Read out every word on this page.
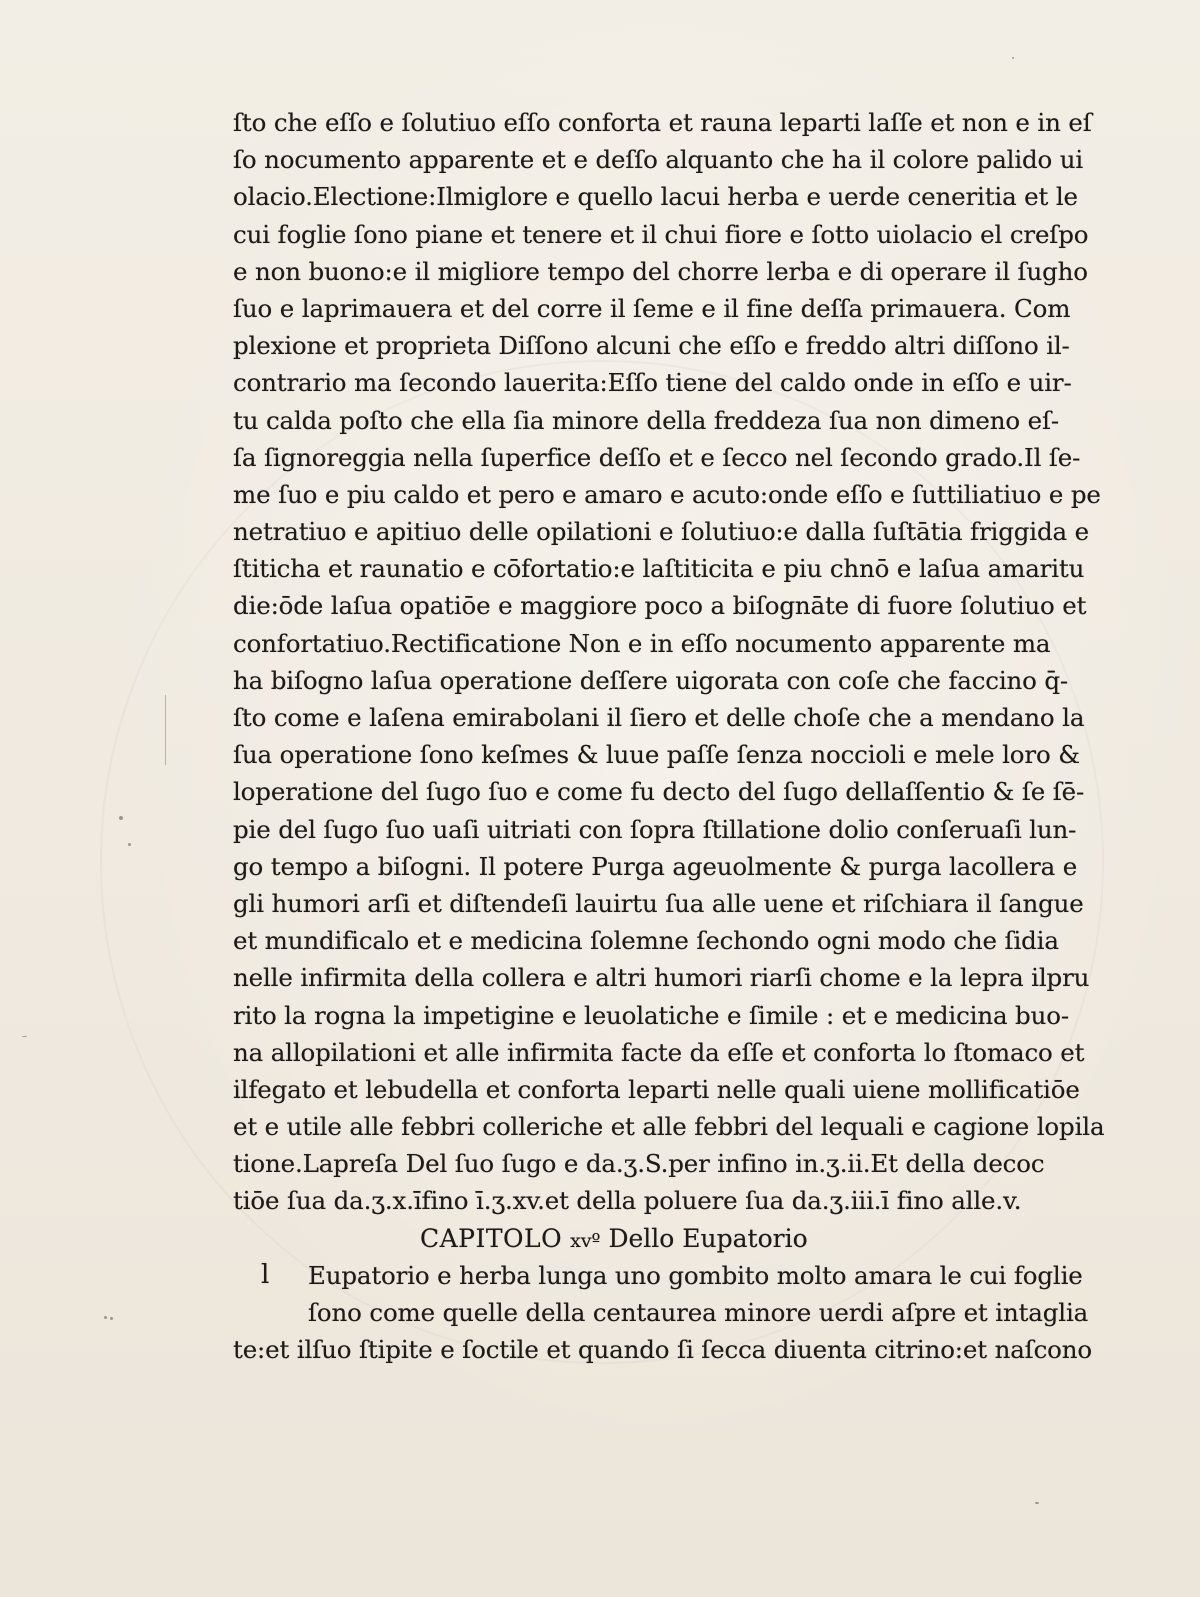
ſto che eſſo e ſolutiuo eſſo conforta et rauna leparti laſſe et non e in eſ
ſo nocumento apparente et e deſſo alquanto che ha il colore palido ui
olacio.Electione:Ilmiglore e quello lacui herba e uerde ceneritia et le
cui foglie ſono piane et tenere et il chui fiore e ſotto uiolacio el creſpo
e non buono:e il migliore tempo del chorre lerba e di operare il ſugho
ſuo e laprimauera et del corre il ſeme e il fine deſſa primauera. Com
plexione et proprieta Diſſono alcuni che eſſo e freddo altri diſſono il-
contrario ma ſecondo lauerita:Eſſo tiene del caldo onde in eſſo e uir-
tu calda poſto che ella ſia minore della freddeza ſua non dimeno eſ-
ſa ſignoreggia nella ſuperfice deſſo et e ſecco nel ſecondo grado.Il ſe-
me ſuo e piu caldo et pero e amaro e acuto:onde eſſo e ſuttiliatiuo e pe
netratiuo e apitiuo delle opilationi e ſolutiuo:e dalla ſuſtātia friggida e
ſtiticha et raunatio e cōfortatio:e laſtiticita e piu chnō e laſua amaritu
die:ōde laſua opatiōe e maggiore poco a biſognāte di fuore ſolutiuo et
confortatiuo.Rectificatione Non e in eſſo nocumento apparente ma
ha biſogno laſua operatione deſſere uigorata con coſe che faccino q̄-
ſto come e laſena emirabolani il ſiero et delle choſe che a mendano la
ſua operatione ſono keſmes & luue paſſe ſenza noccioli e mele loro &
loperatione del ſugo ſuo e come fu decto del ſugo dellaſſentio & ſe ſē-
pie del ſugo ſuo uaſi uitriati con ſopra ſtillatione dolio conſeruaſi lun-
go tempo a biſogni. Il potere Purga ageuolmente & purga lacollera e
gli humori arſi et diſtendeſi lauirtu ſua alle uene et riſchiara il ſangue
et mundificalo et e medicina ſolemne ſechondo ogni modo che ſidia
nelle infirmita della collera e altri humori riarſi chome e la lepra ilpru
rito la rogna la impetigine e leuolatiche e ſimile : et e medicina buo-
na allopilationi et alle infirmita facte da eſſe et conforta lo ſtomaco et
ilfegato et lebudella et conforta leparti nelle quali uiene mollificatiōe
et e utile alle febbri colleriche et alle febbri del lequali e cagione lopila
tione.Lapreſa Del ſuo ſugo e da.ʒ.S.per infino in.ʒ.ii.Et della decoc
tiōe ſua da.ʒ.x.īfino ī.ʒ.xv.et della poluere ſua da.ʒ.iii.ī fino alle.v.
CAPITOLO xvº Dello Eupatorio
l	Eupatorio e herba lunga uno gombito molto amara le cui foglie
ſono come quelle della centaurea minore uerdi aſpre et intaglia
te:et ilſuo ſtipite e ſoctile et quando ſi ſecca diuenta citrino:et naſcono
